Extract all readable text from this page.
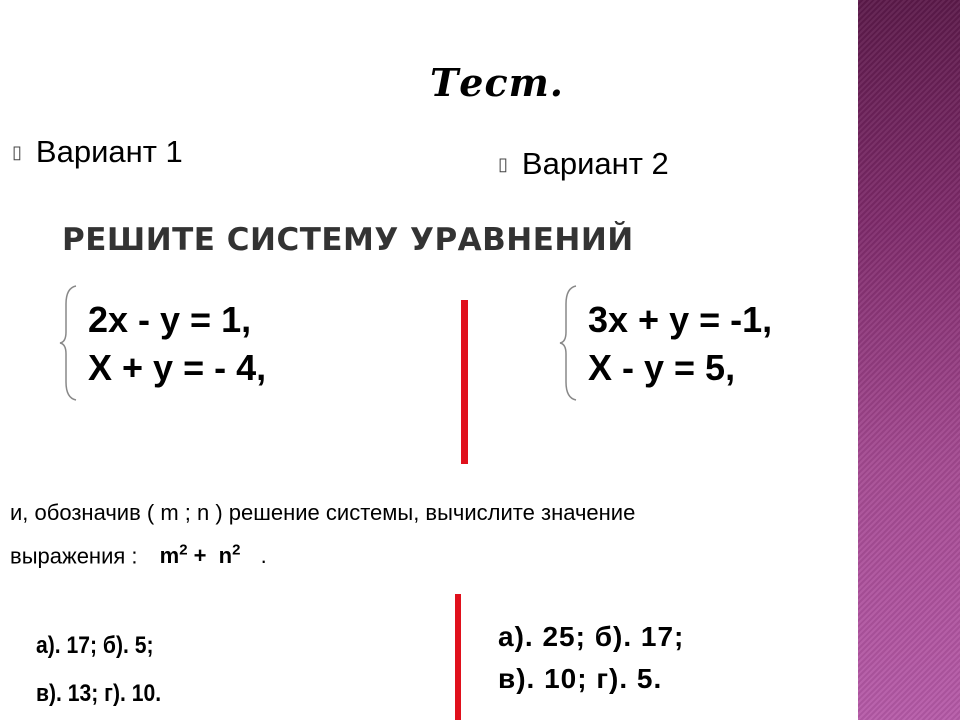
Тест.
▯ Вариант 1	▯ Вариант 2
РЕШИТЕ СИСТЕМУ УРАВНЕНИЙ
2х - у = 1,
Х + у = - 4,
3х + у = -1,
Х - у = 5,
и, обозначив ( m ; n ) решение системы, вычислите значение
выражения : $m^2 + n^2$ .
а). 17; б). 5;
в). 13; г). 10.
а). 25; б). 17;
в). 10; г). 5.
